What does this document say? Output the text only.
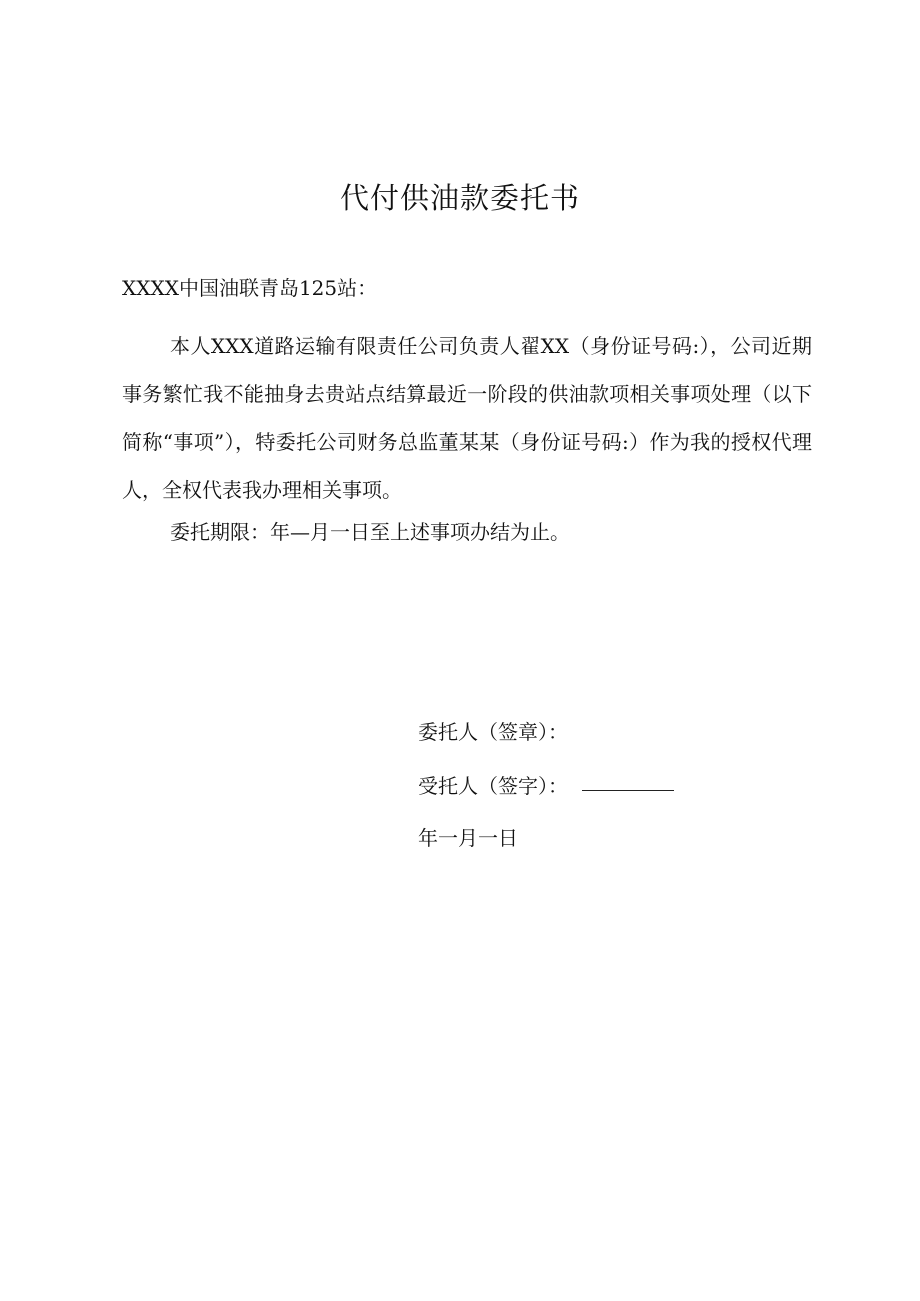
代付供油款委托书
XXXX中国油联青岛125站：

本人XXX道路运输有限责任公司负责人翟XX（身份证号码:），公司近期事务繁忙我不能抽身去贵站点结算最近一阶段的供油款项相关事项处理（以下简称“事项”），特委托公司财务总监董某某（身份证号码:）作为我的授权代理人，全权代表我办理相关事项。

委托期限：年—月一日至上述事项办结为止。
委托人（签章）：
受托人（签字）：
年一月一日
